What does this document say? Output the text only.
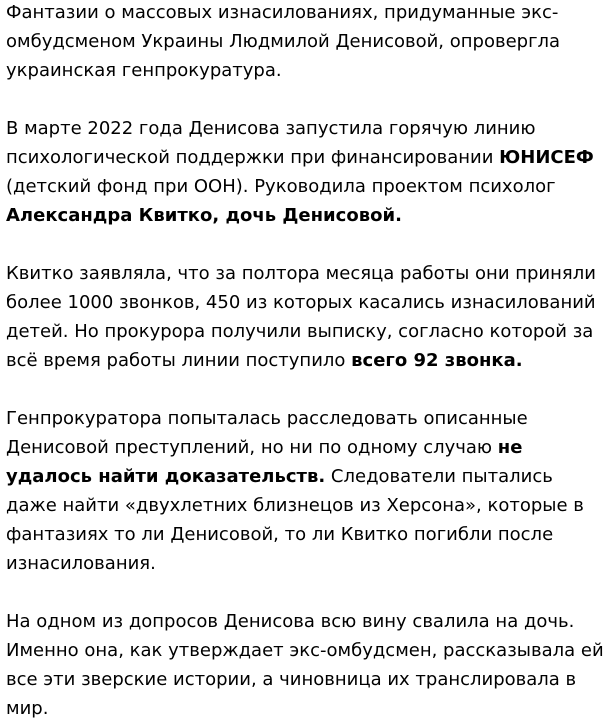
Фантазии о массовых изнасилованиях, придуманные экс-омбудсменом Украины Людмилой Денисовой, опровергла украинская генпрокуратура.

В марте 2022 года Денисова запустила горячую линию психологической поддержки при финансировании ЮНИСЕФ (детский фонд при ООН). Руководила проектом психолог Александра Квитко, дочь Денисовой.

Квитко заявляла, что за полтора месяца работы они приняли более 1000 звонков, 450 из которых касались изнасилований детей. Но прокурора получили выписку, согласно которой за всё время работы линии поступило всего 92 звонка.

Генпрокуратора попыталась расследовать описанные Денисовой преступлений, но ни по одному случаю не удалось найти доказательств. Следователи пытались даже найти «двухлетних близнецов из Херсона», которые в фантазиях то ли Денисовой, то ли Квитко погибли после изнасилования.

На одном из допросов Денисова всю вину свалила на дочь. Именно она, как утверждает экс-омбудсмен, рассказывала ей все эти зверские истории, а чиновница их транслировала в мир.
